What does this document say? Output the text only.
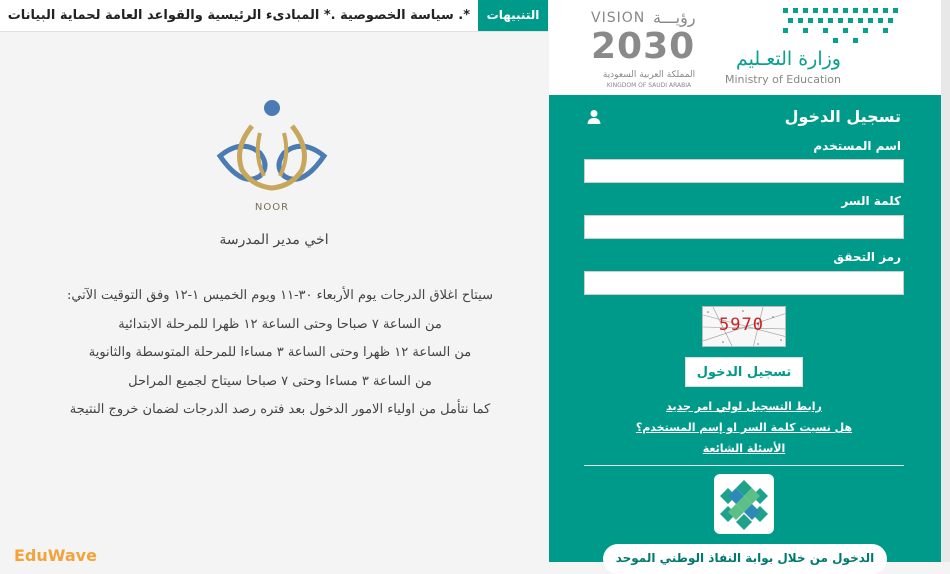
*. سياسة الخصوصية .* المبادىء الرئيسية والقواعد العامة لحماية البيانات	التنبيهات
NOOR
اخي مدير المدرسة
سيتاح اغلاق الدرجات يوم الأربعاء ٣٠-١١ ويوم الخميس ١-١٢ وفق التوقيت الآتي:
من الساعة ٧ صباحا وحتى الساعة ١٢ ظهرا للمرحلة الابتدائية
من الساعة ١٢ ظهرا وحتى الساعة ٣ مساءا للمرحلة المتوسطة والثانوية
من الساعة ٣ مساءا وحتى ٧ صباحا سيتاح لجميع المراحل
كما نتأمل من اولياء الامور الدخول بعد فتره رصد الدرجات لضمان خروج النتيجة
EduWave
VISION رؤيـــة
2030
المملكة العربية السعودية
KINGDOM OF SAUDI ARABIA
وزارة التعـليم
Ministry of Education
تسجيل الدخول
اسم المستخدم
كلمة السر
رمز التحقق
5970
تسجيل الدخول
رابط التسجيل لولي امر جديد
هل نسيت كلمة السر او إسم المستخدم؟
الأسئلة الشائعة
الدخول من خلال بوابة النفاذ الوطني الموحد
